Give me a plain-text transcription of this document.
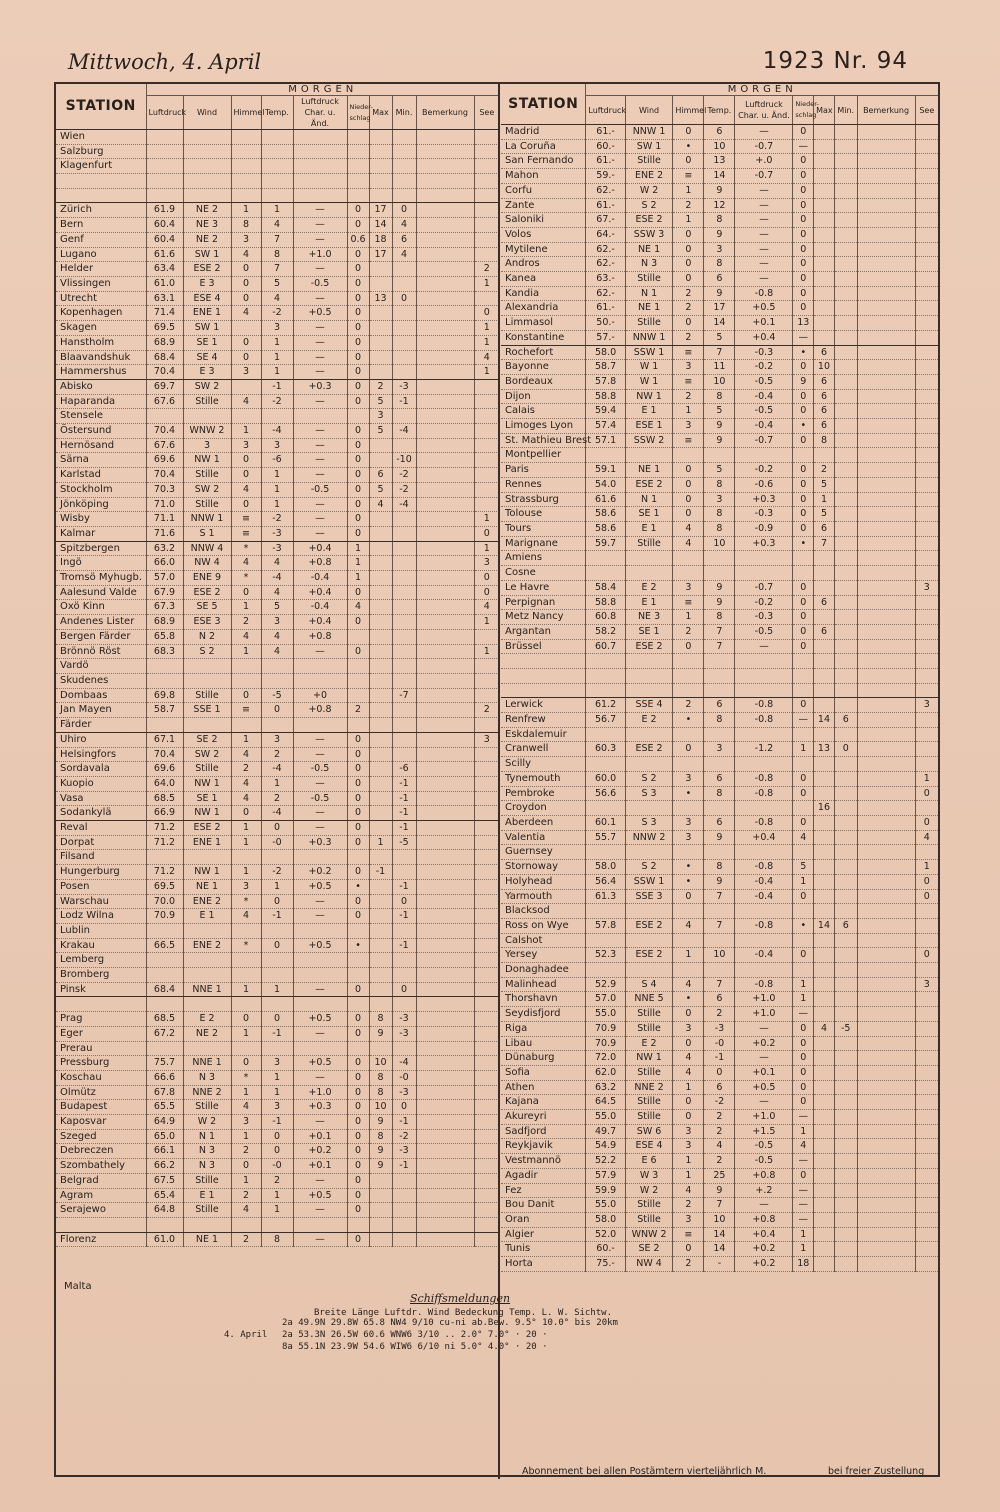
Mittwoch, 4. April	1923 Nr. 94
STATION	MORGEN									
	Luftdruck	Wind	Himmel	Temp.	Luftdruck Char. u. Änd.	Nieder-schlag	Max	Min.	Bemerkung	See
Wien										
Salzburg										
Klagenfurt										

Zürich	61.9	NE 2	1	1	—	0	17	0		
Bern	60.4	NE 3	8	4	—	0	14	4		
Genf	60.4	NE 2	3	7	—	0.6	18	6		
Lugano	61.6	SW 1	4	8	+1.0	0	17	4		
Helder	63.4	ESE 2	0	7	—	0				2
Vlissingen	61.0	E 3	0	5	-0.5	0				1
Utrecht	63.1	ESE 4	0	4	—	0	13	0		
Kopenhagen	71.4	ENE 1	4	-2	+0.5	0				0
Skagen	69.5	SW 1		3	—	0				1
Hanstholm	68.9	SE 1	0	1	—	0				1
Blaavandshuk	68.4	SE 4	0	1	—	0				4
Hammershus	70.4	E 3	3	1	—	0				1
Abisko	69.7	SW 2		-1	+0.3	0	2	-3		
Haparanda	67.6	Stille	4	-2	—	0	5	-1		
Stensele							3			
Östersund	70.4	WNW 2	1	-4	—	0	5	-4		
Hernösand	67.6	3	3	3	—	0				
Särna	69.6	NW 1	0	-6	—	0		-10		
Karlstad	70.4	Stille	0	1	—	0	6	-2		
Stockholm	70.3	SW 2	4	1	-0.5	0	5	-2		
Jönköping	71.0	Stille	0	1	—	0	4	-4		
Wisby	71.1	NNW 1	≡	-2	—	0				1
Kalmar	71.6	S 1	≡	-3	—	0				0
Spitzbergen	63.2	NNW 4	*	-3	+0.4	1				1
Ingö	66.0	NW 4	4	4	+0.8	1				3
Tromsö Myhugb.	57.0	ENE 9	*	-4	-0.4	1				0
Aalesund Valde	67.9	ESE 2	0	4	+0.4	0				0
Oxö Kinn	67.3	SE 5	1	5	-0.4	4				4
Andenes Lister	68.9	ESE 3	2	3	+0.4	0				1
Bergen Färder	65.8	N 2	4	4	+0.8					
Brönnö Röst	68.3	S 2	1	4	—	0				1
Vardö										
Skudenes										
Dombaas	69.8	Stille	0	-5	+0			-7		
Jan Mayen	58.7	SSE 1	≡	0	+0.8	2				2
Färder										
Uhiro	67.1	SE 2	1	3	—	0				3
Helsingfors	70.4	SW 2	4	2	—	0				
Sordavala	69.6	Stille	2	-4	-0.5	0		-6		
Kuopio	64.0	NW 1	4	1	—	0		-1		
Vasa	68.5	SE 1	4	2	-0.5	0		-1		
Sodankylä	66.9	NW 1	0	-4	—	0		-1		
Reval	71.2	ESE 2	1	0	—	0		-1		
Dorpat	71.2	ENE 1	1	-0	+0.3	0	1	-5		
Filsand										
Hungerburg	71.2	NW 1	1	-2	+0.2	0	-1			
Posen	69.5	NE 1	3	1	+0.5	•		-1		
Warschau	70.0	ENE 2	*	0	—	0		0		
Lodz Wilna	70.9	E 1	4	-1	—	0		-1		
Lublin										
Krakau	66.5	ENE 2	*	0	+0.5	•		-1		
Lemberg										
Bromberg										
Pinsk	68.4	NNE 1	1	1	—	0		0		

Prag	68.5	E 2	0	0	+0.5	0	8	-3		
Eger	67.2	NE 2	1	-1	—	0	9	-3		
Prerau										
Pressburg	75.7	NNE 1	0	3	+0.5	0	10	-4		
Koschau	66.6	N 3	*	1	—	0	8	-0		
Olmütz	67.8	NNE 2	1	1	+1.0	0	8	-3		
Budapest	65.5	Stille	4	3	+0.3	0	10	0		
Kaposvar	64.9	W 2	3	-1	—	0	9	-1		
Szeged	65.0	N 1	1	0	+0.1	0	8	-2		
Debreczen	66.1	N 3	2	0	+0.2	0	9	-3		
Szombathely	66.2	N 3	0	-0	+0.1	0	9	-1		
Belgrad	67.5	Stille	1	2	—	0				
Agram	65.4	E 1	2	1	+0.5	0				
Serajewo	64.8	Stille	4	1	—	0				

Florenz	61.0	NE 1	2	8	—	0				
STATION	MORGEN									
	Luftdruck	Wind	Himmel	Temp.	Luftdruck Char. u. Änd.	Nieder-schlag	Max	Min.	Bemerkung	See
Madrid	61.-	NNW 1	0	6	—	0				
La Coruña	60.-	SW 1	•	10	-0.7	—				
San Fernando	61.-	Stille	0	13	+.0	0				
Mahon	59.-	ENE 2	≡	14	-0.7	0				
Corfu	62.-	W 2	1	9	—	0				
Zante	61.-	S 2	2	12	—	0				
Saloniki	67.-	ESE 2	1	8	—	0				
Volos	64.-	SSW 3	0	9	—	0				
Mytilene	62.-	NE 1	0	3	—	0				
Andros	62.-	N 3	0	8	—	0				
Kanea	63.-	Stille	0	6	—	0				
Kandia	62.-	N 1	2	9	-0.8	0				
Alexandria	61.-	NE 1	2	17	+0.5	0				
Limmasol	50.-	Stille	0	14	+0.1	13				
Konstantine	57.-	NNW 1	2	5	+0.4	—				
Rochefort	58.0	SSW 1	≡	7	-0.3	•	6			
Bayonne	58.7	W 1	3	11	-0.2	0	10			
Bordeaux	57.8	W 1	≡	10	-0.5	9	6			
Dijon	58.8	NW 1	2	8	-0.4	0	6			
Calais	59.4	E 1	1	5	-0.5	0	6			
Limoges Lyon	57.4	ESE 1	3	9	-0.4	•	6			
St. Mathieu Brest	57.1	SSW 2	≡	9	-0.7	0	8			
Montpellier										
Paris	59.1	NE 1	0	5	-0.2	0	2			
Rennes	54.0	ESE 2	0	8	-0.6	0	5			
Strassburg	61.6	N 1	0	3	+0.3	0	1			
Tolouse	58.6	SE 1	0	8	-0.3	0	5			
Tours	58.6	E 1	4	8	-0.9	0	6			
Marignane	59.7	Stille	4	10	+0.3	•	7			
Amiens										
Cosne										
Le Havre	58.4	E 2	3	9	-0.7	0				3
Perpignan	58.8	E 1	≡	9	-0.2	0	6			
Metz Nancy	60.8	NE 3	1	8	-0.3	0				
Argantan	58.2	SE 1	2	7	-0.5	0	6			
Brüssel	60.7	ESE 2	0	7	—	0				

Lerwick	61.2	SSE 4	2	6	-0.8	0				3
Renfrew	56.7	E 2	•	8	-0.8	—	14	6		
Eskdalemuir										
Cranwell	60.3	ESE 2	0	3	-1.2	1	13	0		
Scilly										
Tynemouth	60.0	S 2	3	6	-0.8	0				1
Pembroke	56.6	S 3	•	8	-0.8	0				0
Croydon							16			
Aberdeen	60.1	S 3	3	6	-0.8	0				0
Valentia	55.7	NNW 2	3	9	+0.4	4				4
Guernsey										
Stornoway	58.0	S 2	•	8	-0.8	5				1
Holyhead	56.4	SSW 1	•	9	-0.4	1				0
Yarmouth	61.3	SSE 3	0	7	-0.4	0				0
Blacksod										
Ross on Wye	57.8	ESE 2	4	7	-0.8	•	14	6		
Calshot										
Yersey	52.3	ESE 2	1	10	-0.4	0				0
Donaghadee										
Malinhead	52.9	S 4	4	7	-0.8	1				3
Thorshavn	57.0	NNE 5	•	6	+1.0	1				
Seydisfjord	55.0	Stille	0	2	+1.0	—				
Riga	70.9	Stille	3	-3	—	0	4	-5		
Libau	70.9	E 2	0	-0	+0.2	0				
Dünaburg	72.0	NW 1	4	-1	—	0				
Sofia	62.0	Stille	4	0	+0.1	0				
Athen	63.2	NNE 2	1	6	+0.5	0				
Kajana	64.5	Stille	0	-2	—	0				
Akureyri	55.0	Stille	0	2	+1.0	—				
Sadfjord	49.7	SW 6	3	2	+1.5	1				
Reykjavik	54.9	ESE 4	3	4	-0.5	4				
Vestmannö	52.2	E 6	1	2	-0.5	—				
Agadir	57.9	W 3	1	25	+0.8	0				
Fez	59.9	W 2	4	9	+.2	—				
Bou Danit	55.0	Stille	2	7	—	—				
Oran	58.0	Stille	3	10	+0.8	—				
Algier	52.0	WNW 2	≡	14	+0.4	1				
Tunis	60.-	SE 2	0	14	+0.2	1				
Horta	75.-	NW 4	2	-	+0.2	18				
Malta
Schiffsmeldungen
Breite Länge Luftdr. Wind Bedeckung Temp. L. W. Sichtw.
4. April
2a 49.9N 29.8W 65.8 NW4 9/10 cu-ni ab.Bew. 9.5° 10.0° bis 20km
2a 53.3N 26.5W 60.6 WNW6 3/10 .. 2.0° 7.0° · 20 ·
8a 55.1N 23.9W 54.6 WIW6 6/10 ni 5.0° 4.0° · 20 ·
Abonnement bei allen Postämtern vierteljährlich M.	bei freier Zustellung
